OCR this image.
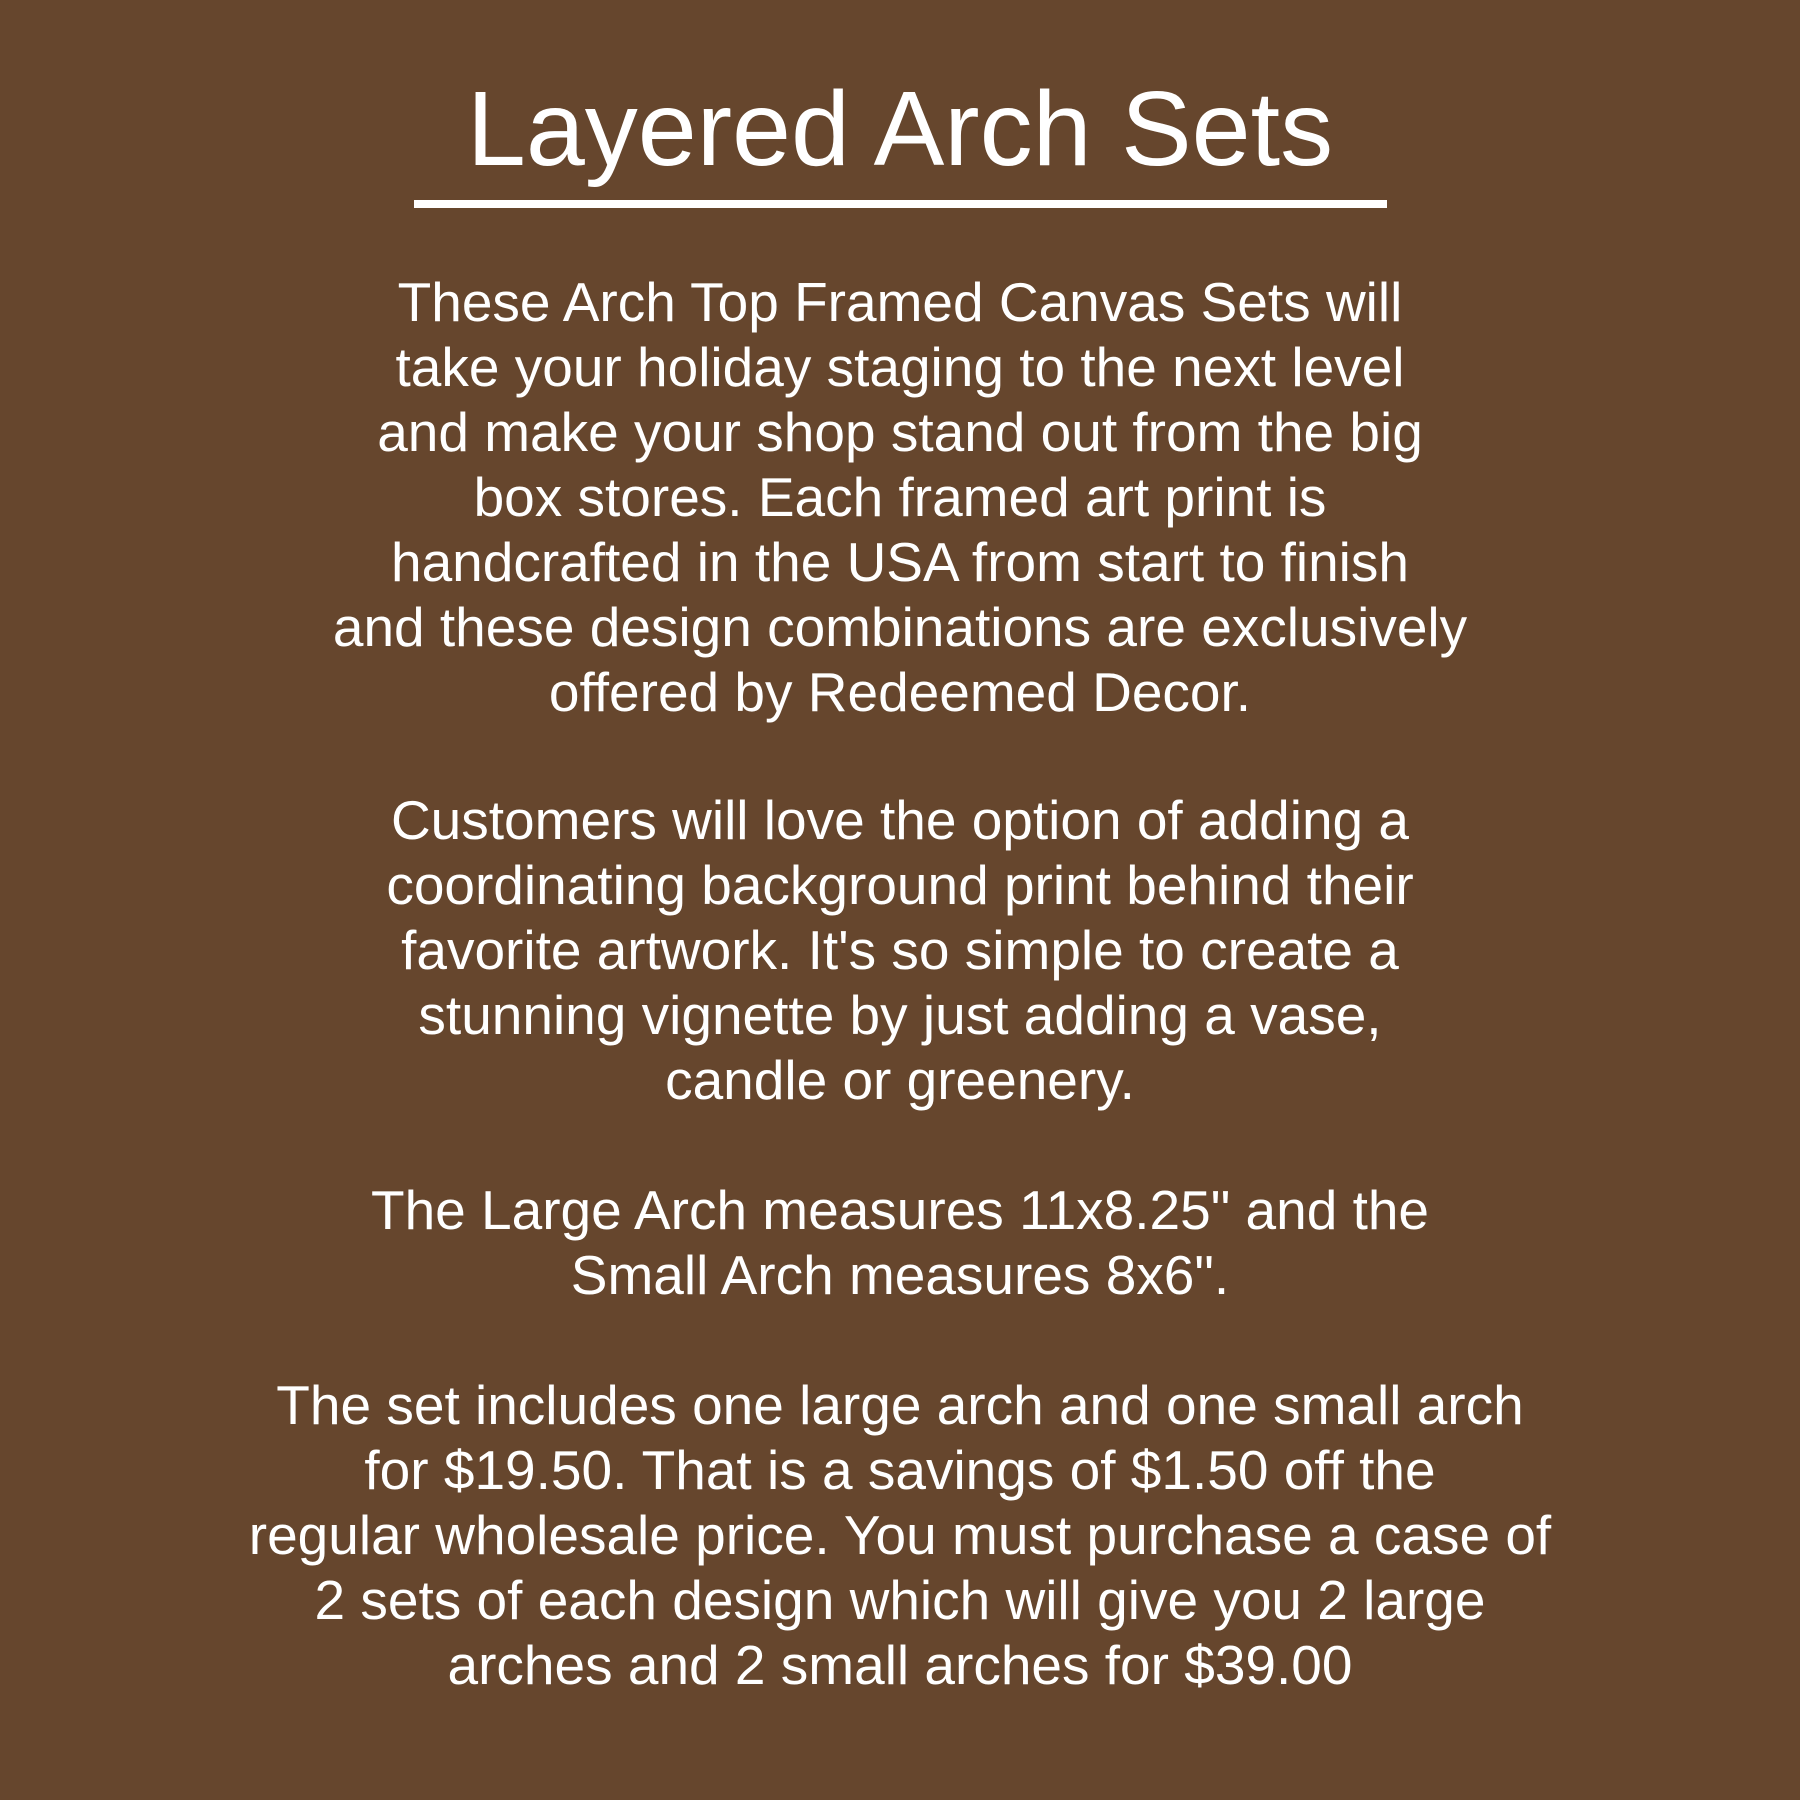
Layered Arch Sets
These Arch Top Framed Canvas Sets will
take your holiday staging to the next level
and make your shop stand out from the big
box stores. Each framed art print is
handcrafted in the USA from start to finish
and these design combinations are exclusively
offered by Redeemed Decor.
Customers will love the option of adding a
coordinating background print behind their
favorite artwork. It's so simple to create a
stunning vignette by just adding a vase,
candle or greenery.
The Large Arch measures 11x8.25" and the
Small Arch measures 8x6".
The set includes one large arch and one small arch
for $19.50. That is a savings of $1.50 off the
regular wholesale price. You must purchase a case of
2 sets of each design which will give you 2 large
arches and 2 small arches for $39.00
